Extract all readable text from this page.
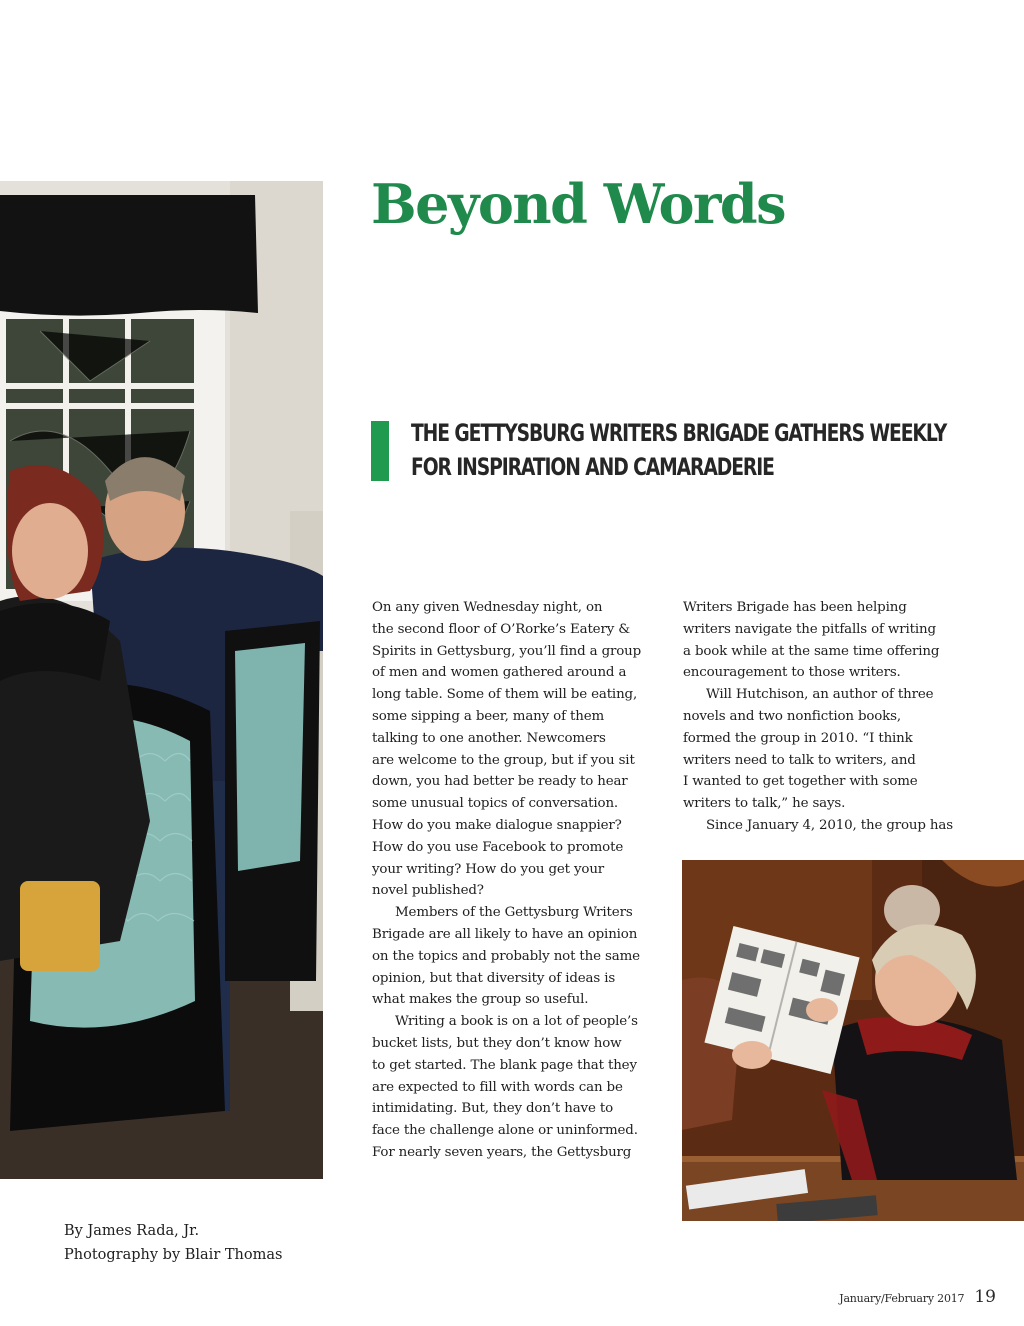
Beyond Words
THE GETTYSBURG WRITERS BRIGADE GATHERS WEEKLY
FOR INSPIRATION AND CAMARADERIE
On any given Wednesday night, on
the second floor of O’Rorke’s Eatery &
Spirits in Gettysburg, you’ll find a group
of men and women gathered around a
long table. Some of them will be eating,
some sipping a beer, many of them
talking to one another. Newcomers
are welcome to the group, but if you sit
down, you had better be ready to hear
some unusual topics of conversation.
How do you make dialogue snappier?
How do you use Facebook to promote
your writing? How do you get your
novel published?
Members of the Gettysburg Writers
Brigade are all likely to have an opinion
on the topics and probably not the same
opinion, but that diversity of ideas is
what makes the group so useful.
Writing a book is on a lot of people’s
bucket lists, but they don’t know how
to get started. The blank page that they
are expected to fill with words can be
intimidating. But, they don’t have to
face the challenge alone or uninformed.
For nearly seven years, the Gettysburg
Writers Brigade has been helping
writers navigate the pitfalls of writing
a book while at the same time offering
encouragement to those writers.
Will Hutchison, an author of three
novels and two nonfiction books,
formed the group in 2010. “I think
writers need to talk to writers, and
I wanted to get together with some
writers to talk,” he says.
Since January 4, 2010, the group has
By James Rada, Jr.
Photography by Blair Thomas
January/February 2017 19
